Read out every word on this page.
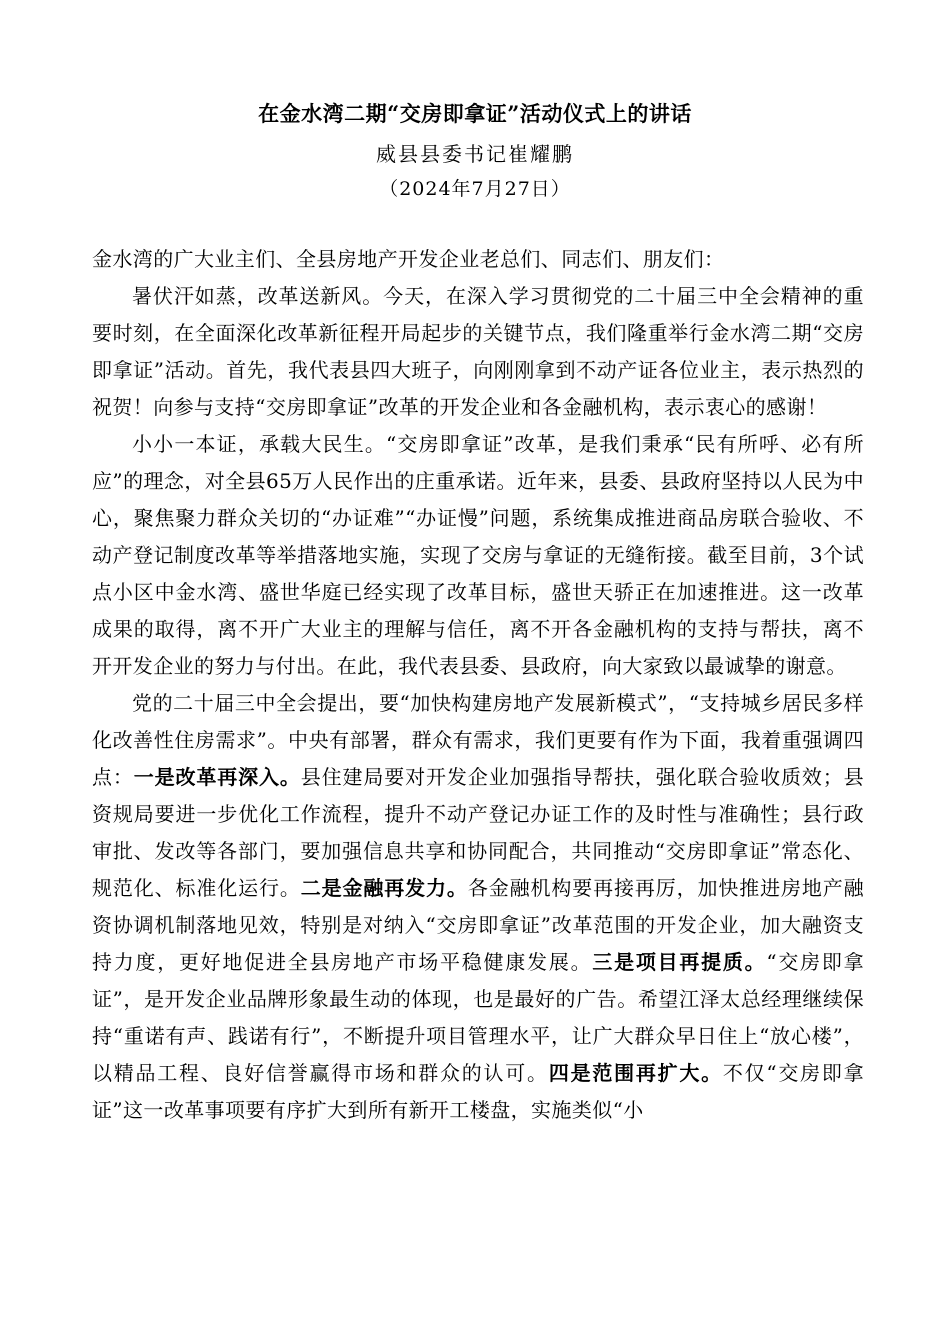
在金水湾二期“交房即拿证”活动仪式上的讲话
威县县委书记崔耀鹏
（2024年7月27日）

金水湾的广大业主们、全县房地产开发企业老总们、同志们、朋友们：

暑伏汗如蒸，改革送新风。今天，在深入学习贯彻党的二十届三中全会精神的重要时刻，在全面深化改革新征程开局起步的关键节点，我们隆重举行金水湾二期“交房即拿证”活动。首先，我代表县四大班子，向刚刚拿到不动产证各位业主，表示热烈的祝贺！向参与支持“交房即拿证”改革的开发企业和各金融机构，表示衷心的感谢！

小小一本证，承载大民生。“交房即拿证”改革，是我们秉承“民有所呼、必有所应”的理念，对全县65万人民作出的庄重承诺。近年来，县委、县政府坚持以人民为中心，聚焦聚力群众关切的“办证难”“办证慢”问题，系统集成推进商品房联合验收、不动产登记制度改革等举措落地实施，实现了交房与拿证的无缝衔接。截至目前，3个试点小区中金水湾、盛世华庭已经实现了改革目标，盛世天骄正在加速推进。这一改革成果的取得，离不开广大业主的理解与信任，离不开各金融机构的支持与帮扶，离不开开发企业的努力与付出。在此，我代表县委、县政府，向大家致以最诚挚的谢意。

党的二十届三中全会提出，要“加快构建房地产发展新模式”，“支持城乡居民多样化改善性住房需求”。中央有部署，群众有需求，我们更要有作为下面，我着重强调四点：一是改革再深入。县住建局要对开发企业加强指导帮扶，强化联合验收质效；县资规局要进一步优化工作流程，提升不动产登记办证工作的及时性与准确性；县行政审批、发改等各部门，要加强信息共享和协同配合，共同推动“交房即拿证”常态化、规范化、标准化运行。二是金融再发力。各金融机构要再接再厉，加快推进房地产融资协调机制落地见效，特别是对纳入“交房即拿证”改革范围的开发企业，加大融资支持力度，更好地促进全县房地产市场平稳健康发展。三是项目再提质。“交房即拿证”，是开发企业品牌形象最生动的体现，也是最好的广告。希望江泽太总经理继续保持“重诺有声、践诺有行”，不断提升项目管理水平，让广大群众早日住上“放心楼”，以精品工程、良好信誉赢得市场和群众的认可。四是范围再扩大。不仅“交房即拿证”这一改革事项要有序扩大到所有新开工楼盘，实施类似“小
